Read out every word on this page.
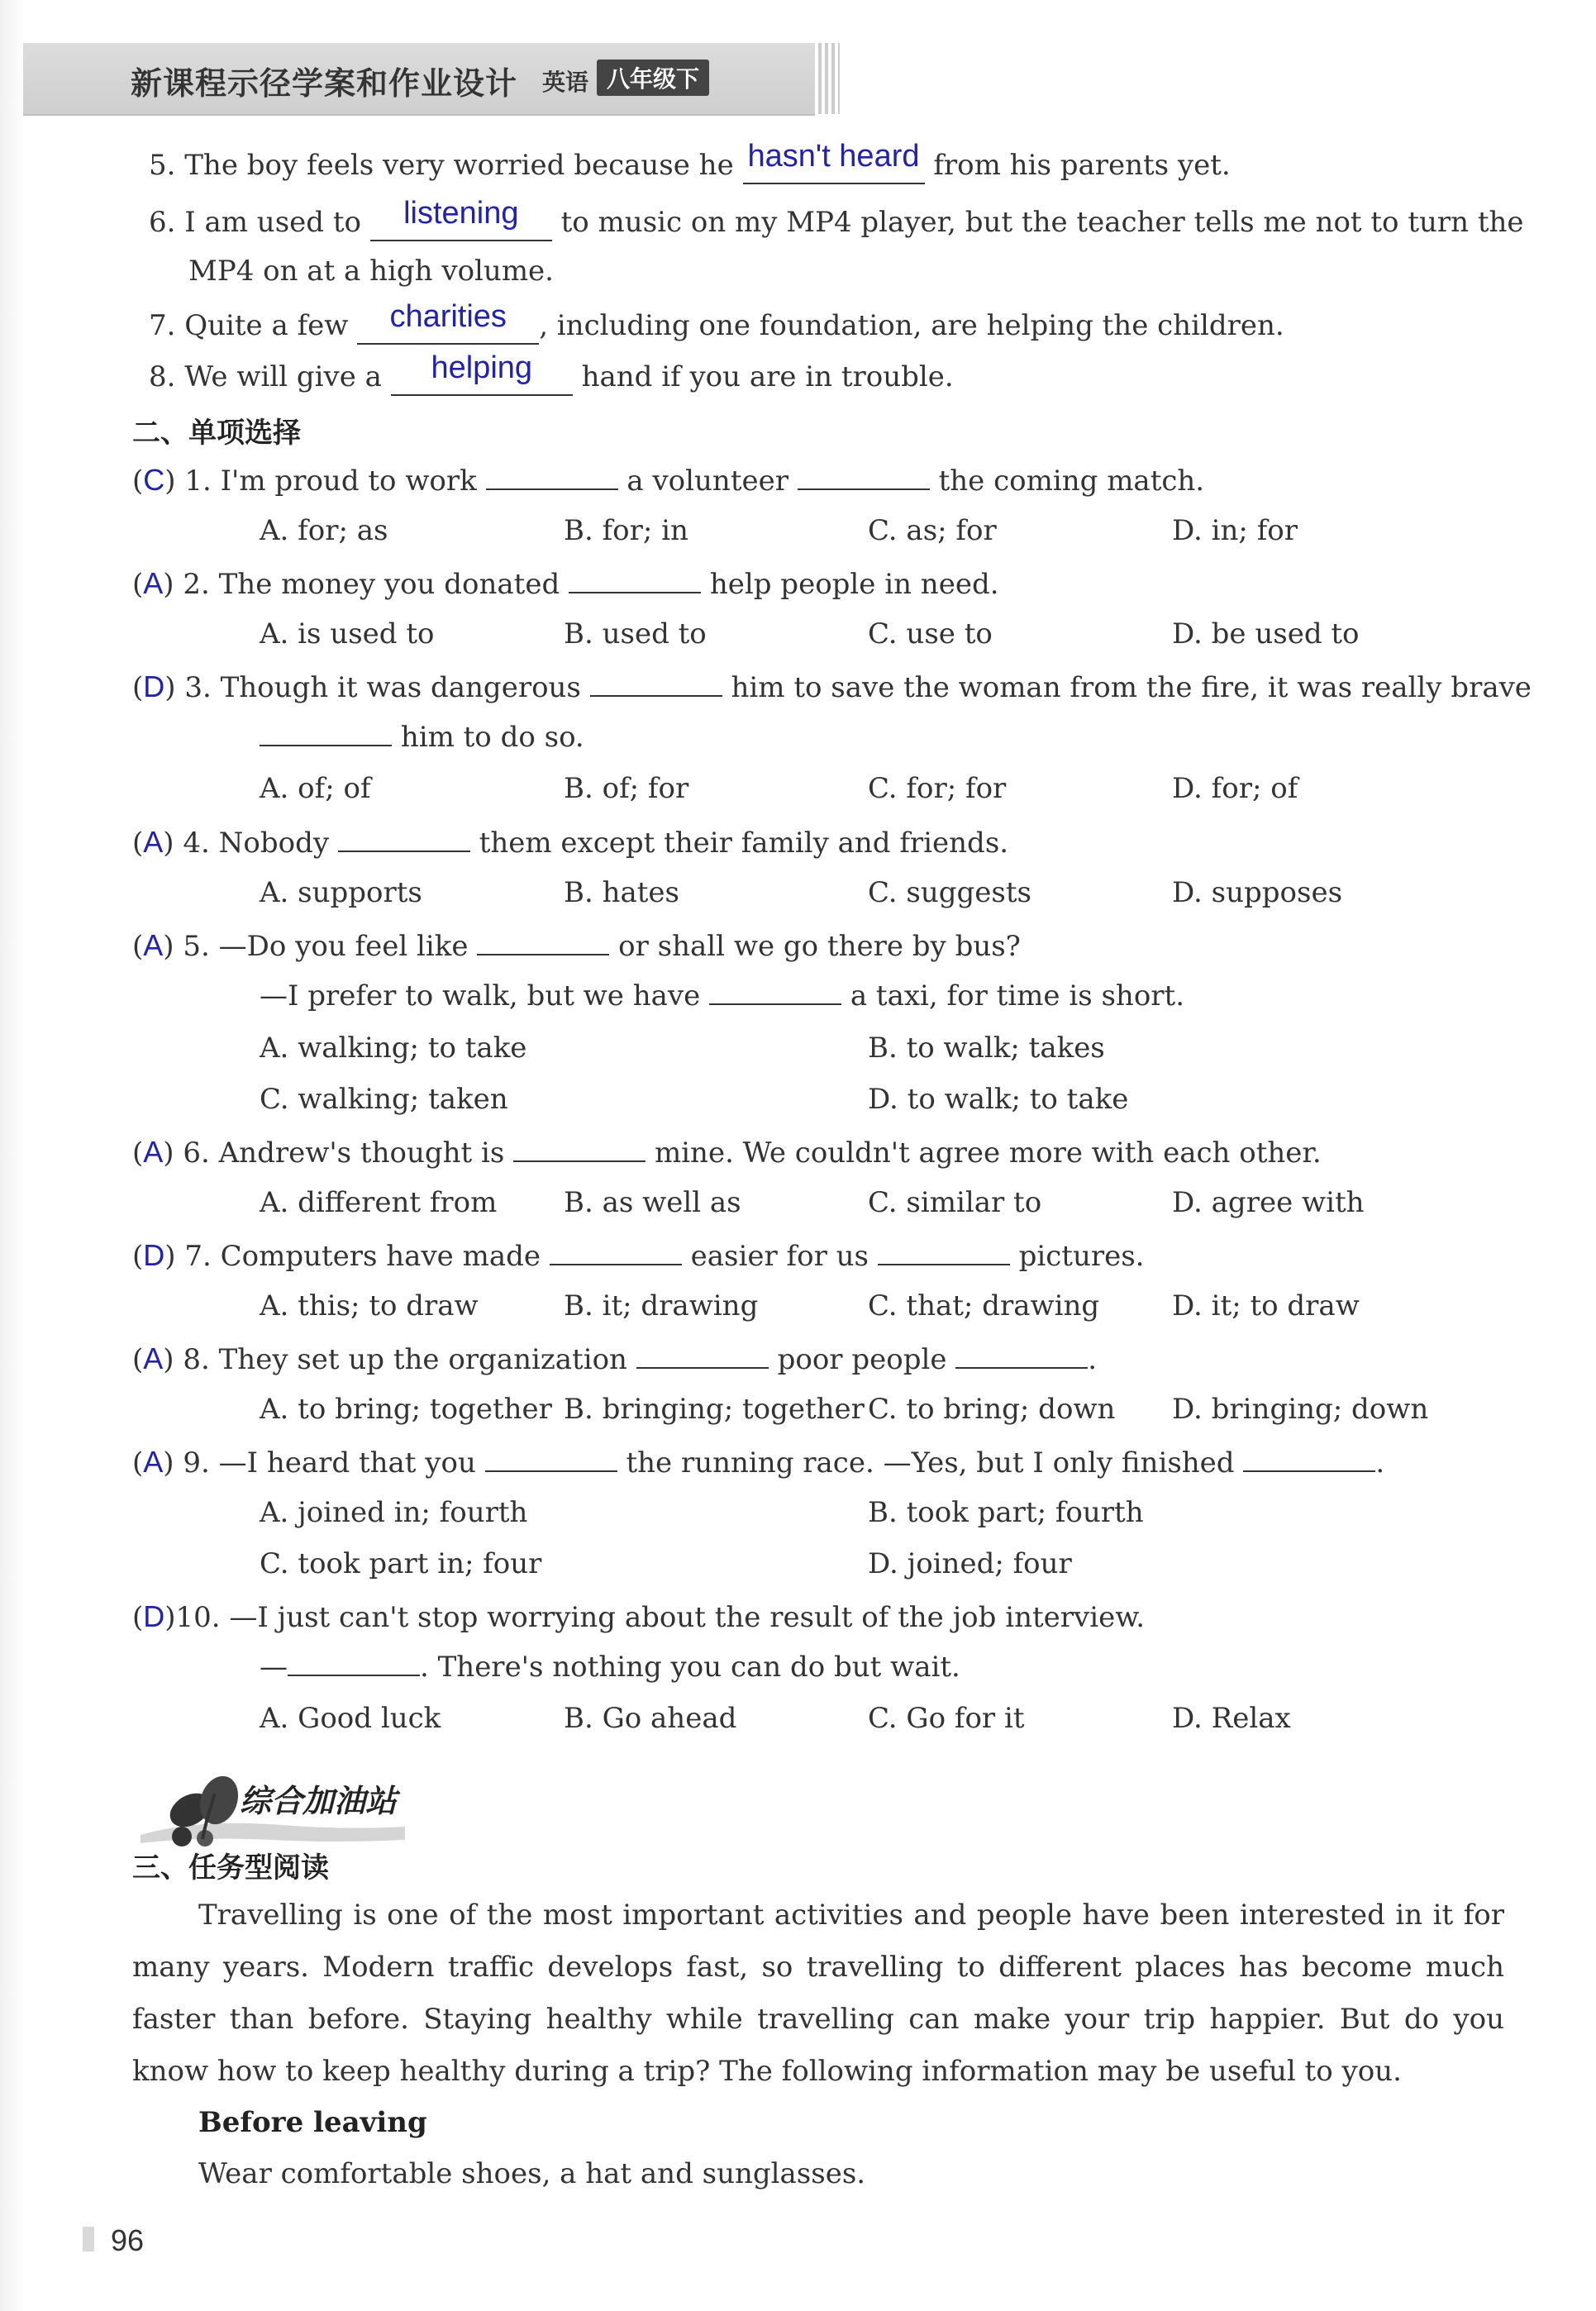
新课程示径学案和作业设计 英语 八年级下
5. The boy feels very worried because he hasn't heard from his parents yet.
6. I am used to listening to music on my MP4 player, but the teacher tells me not to turn the
MP4 on at a high volume.
7. Quite a few charities , including one foundation, are helping the children.
8. We will give a helping hand if you are in trouble.
二、单项选择
(C) 1. I'm proud to work	a volunteer	the coming match.
A. for; as	B. for; in	C. as; for	D. in; for
(A) 2. The money you donated	help people in need.
A. is used to	B. used to	C. use to	D. be used to
(D) 3. Though it was dangerous	him to save the woman from the fire, it was really brave
him to do so.
A. of; of	B. of; for	C. for; for	D. for; of
(A) 4. Nobody	them except their family and friends.
A. supports	B. hates	C. suggests	D. supposes
(A) 5. —Do you feel like	or shall we go there by bus?
—I prefer to walk, but we have	a taxi, for time is short.
A. walking; to take	B. to walk; takes
C. walking; taken	D. to walk; to take
(A) 6. Andrew's thought is	mine. We couldn't agree more with each other.
A. different from B. as well as	C. similar to	D. agree with
(D) 7. Computers have made	easier for us	pictures.
A. this; to draw	B. it; drawing	C. that; drawing	D. it; to draw
(A) 8. They set up the organization	poor people	.
A. to bring; together B. bringing; together C. to bring; down D. bringing; down
(A) 9. —I heard that you	the running race. —Yes, but I only finished	.
A. joined in; fourth	B. took part; fourth
C. took part in; four	D. joined; four
(D)10. —I just can't stop worrying about the result of the job interview.
—	. There's nothing you can do but wait.
A. Good luck	B. Go ahead	C. Go for it	D. Relax
综合加油站
三、任务型阅读
Travelling is one of the most important activities and people have been interested in it for many years. Modern traffic develops fast, so travelling to different places has become much faster than before. Staying healthy while travelling can make your trip happier. But do you know how to keep healthy during a trip? The following information may be useful to you.
Before leaving
Wear comfortable shoes, a hat and sunglasses.
96
